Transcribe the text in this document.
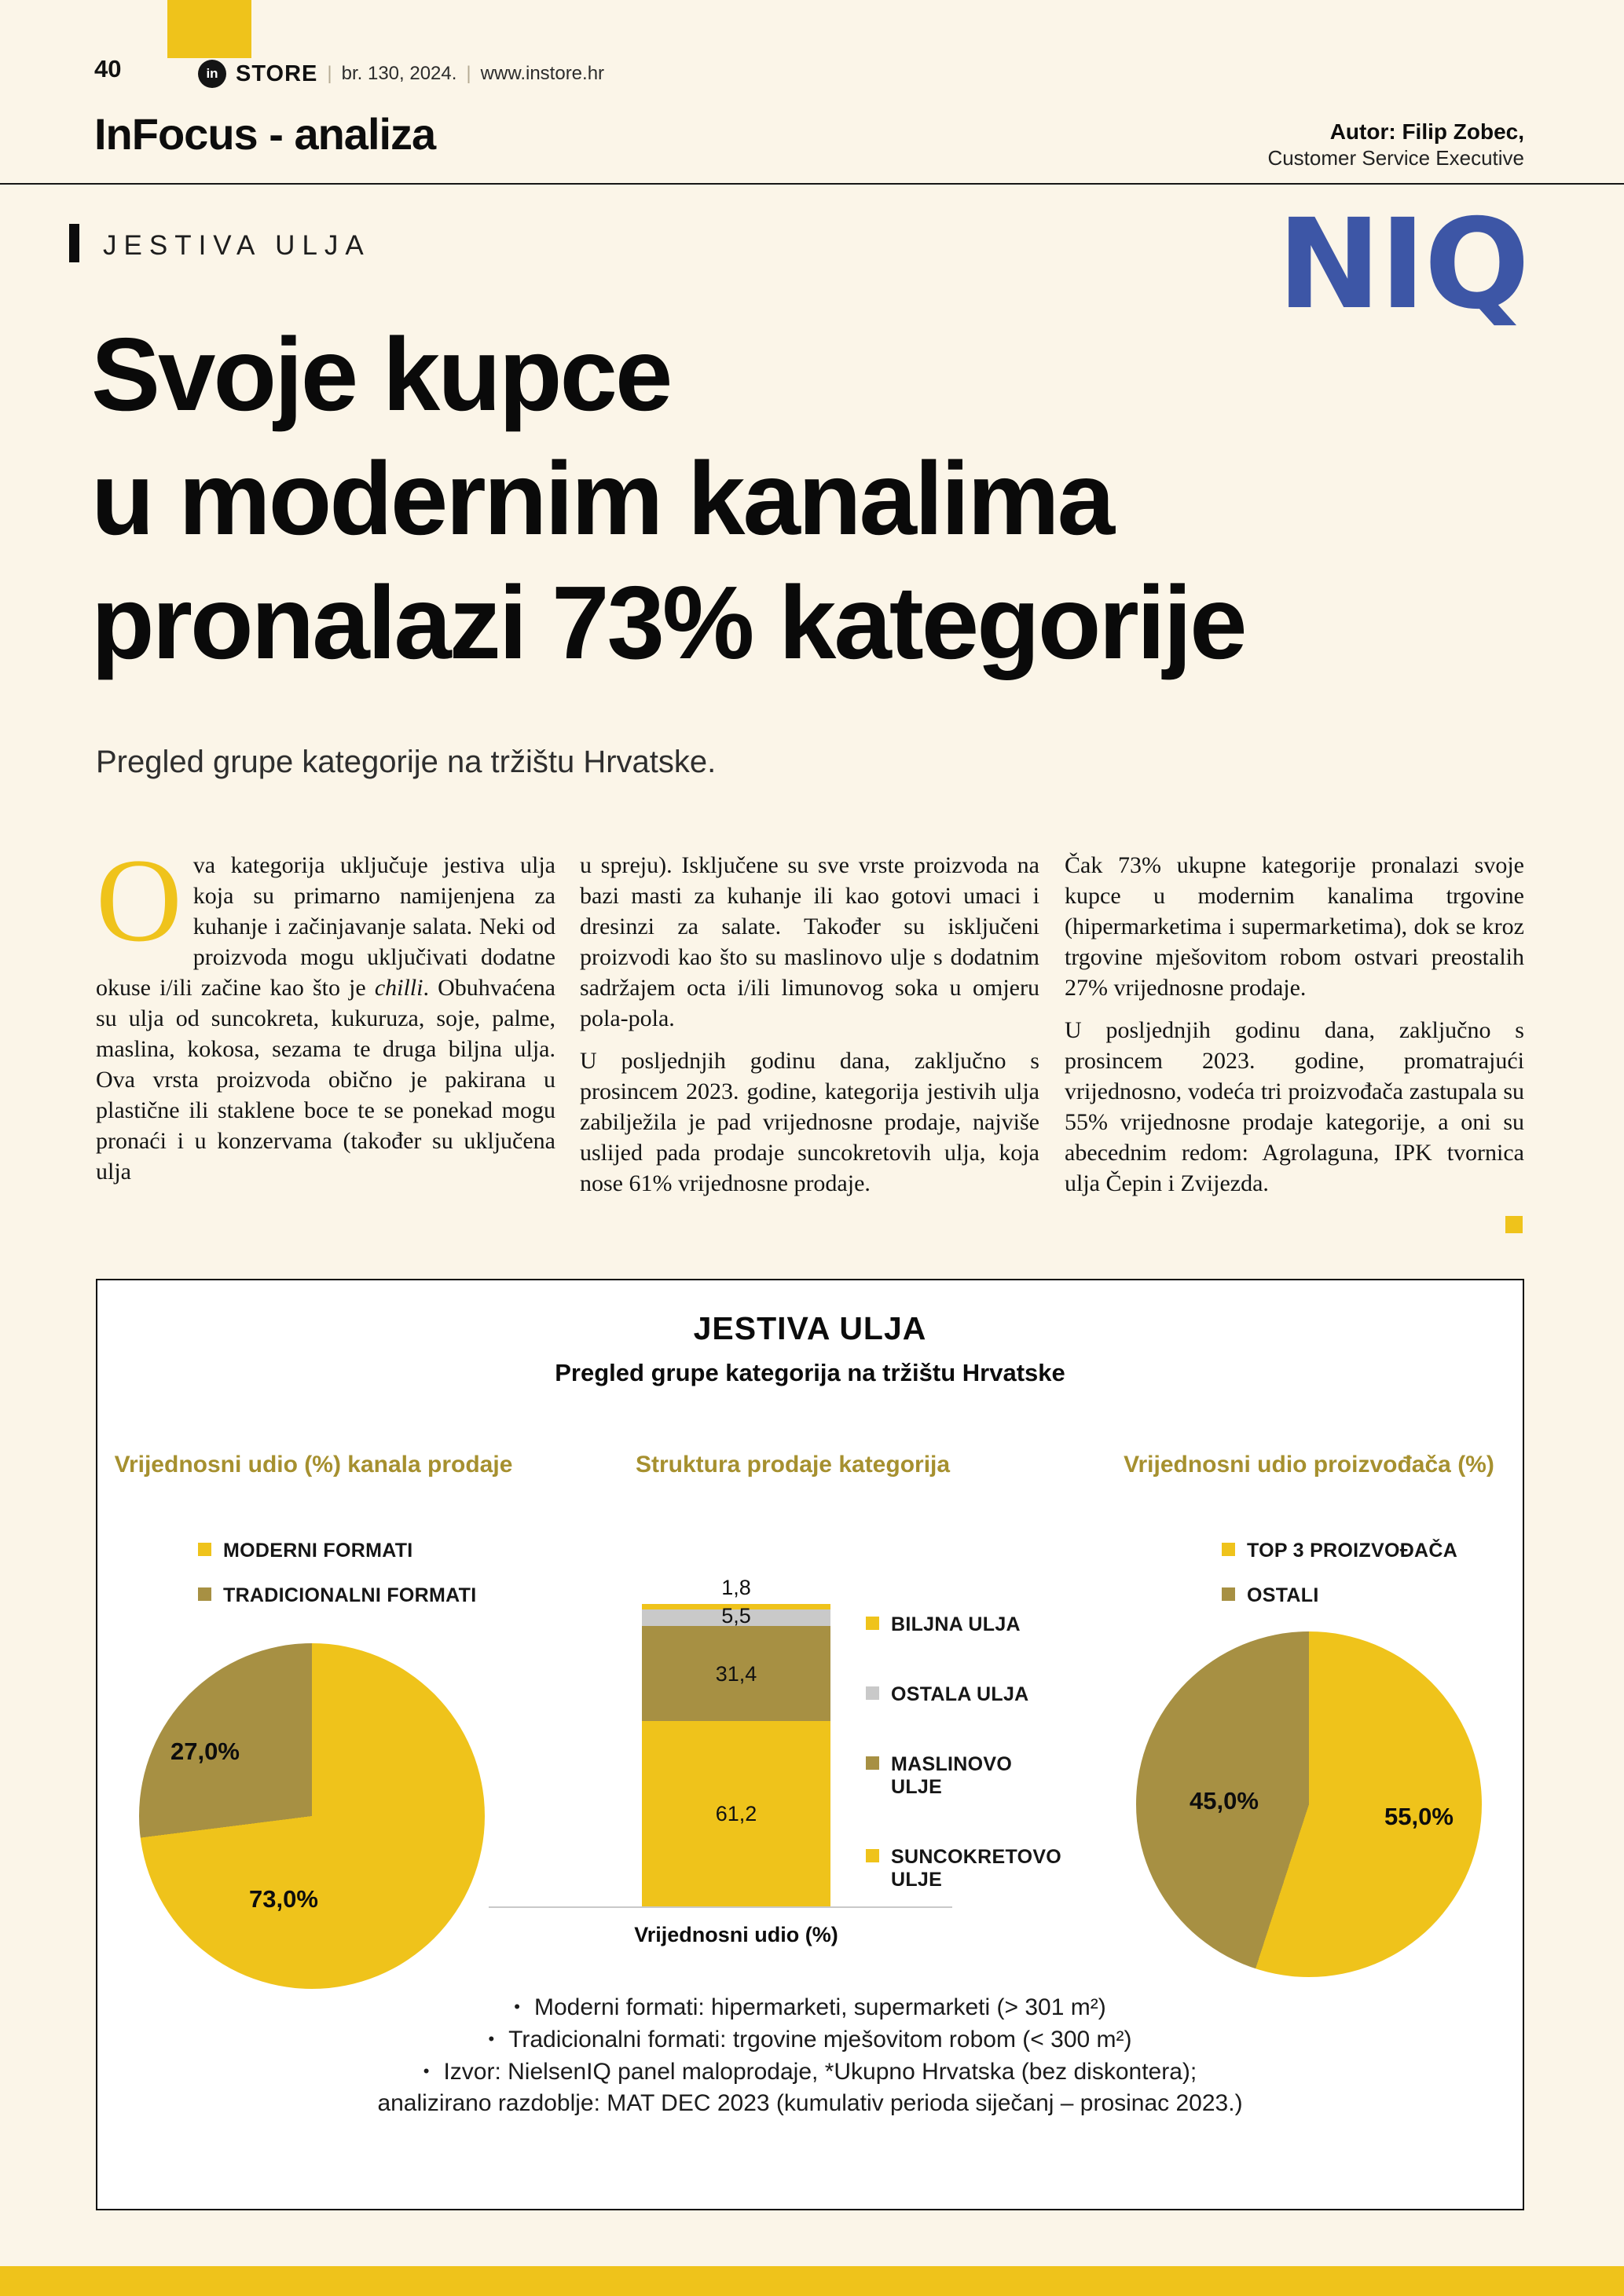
40	in STORE | br. 130, 2024. | www.instore.hr
InFocus - analiza	Autor: Filip Zobec,
Customer Service Executive
JESTIVA ULJA	NIQ
Svoje kupce
u modernim kanalima
pronalazi 73% kategorije
Pregled grupe kategorije na tržištu Hrvatske.

Ova kategorija uključuje jestiva ulja koja su primarno namijenjena za kuhanje i začinjavanje salata. Neki od proizvoda mogu uključivati dodatne okuse i/ili začine kao što je chilli. Obuhvaćena su ulja od suncokreta, kukuruza, soje, palme, maslina, kokosa, sezama te druga biljna ulja. Ova vrsta proizvoda obično je pakirana u plastične ili staklene boce te se ponekad mogu pronaći i u konzervama (također su uključena ulja

u spreju). Isključene su sve vrste proizvoda na bazi masti za kuhanje ili kao gotovi umaci i dresinzi za salate. Također su isključeni proizvodi kao što su maslinovo ulje s dodatnim sadržajem octa i/ili limunovog soka u omjeru pola-pola.

U posljednjih godinu dana, zaključno s prosincem 2023. godine, kategorija jestivih ulja zabilježila je pad vrijednosne prodaje, najviše uslijed pada prodaje suncokretovih ulja, koja nose 61% vrijednosne prodaje.

Čak 73% ukupne kategorije pronalazi svoje kupce u modernim kanalima trgovine (hipermarketima i supermarketima), dok se kroz trgovine mješovitom robom ostvari preostalih 27% vrijednosne prodaje.

U posljednjih godinu dana, zaključno s prosincem 2023. godine, promatrajući vrijednosno, vodeća tri proizvođača zastupala su 55% vrijednosne prodaje kategorije, a oni su abecednim redom: Agrolaguna, IPK tvornica ulja Čepin i Zvijezda.

JESTIVA ULJA
Pregled grupe kategorija na tržištu Hrvatske
Vrijednosni udio (%) kanala prodaje	Struktura prodaje kategorija	Vrijednosni udio proizvođača (%)
MODERNI FORMATI
TRADICIONALNI FORMATI
27,0%
73,0%
1,8
5,5
31,4
61,2
Vrijednosni udio (%)
BILJNA ULJA
OSTALA ULJA
MASLINOVO ULJE
SUNCOKRETOVO ULJE
TOP 3 PROIZVOĐAČA
OSTALI
45,0%
55,0%
• Moderni formati: hipermarketi, supermarketi (> 301 m²)
• Tradicionalni formati: trgovine mješovitom robom (< 300 m²)
• Izvor: NielsenIQ panel maloprodaje, *Ukupno Hrvatska (bez diskontera);
analizirano razdoblje: MAT DEC 2023 (kumulativ perioda siječanj – prosinac 2023.)
